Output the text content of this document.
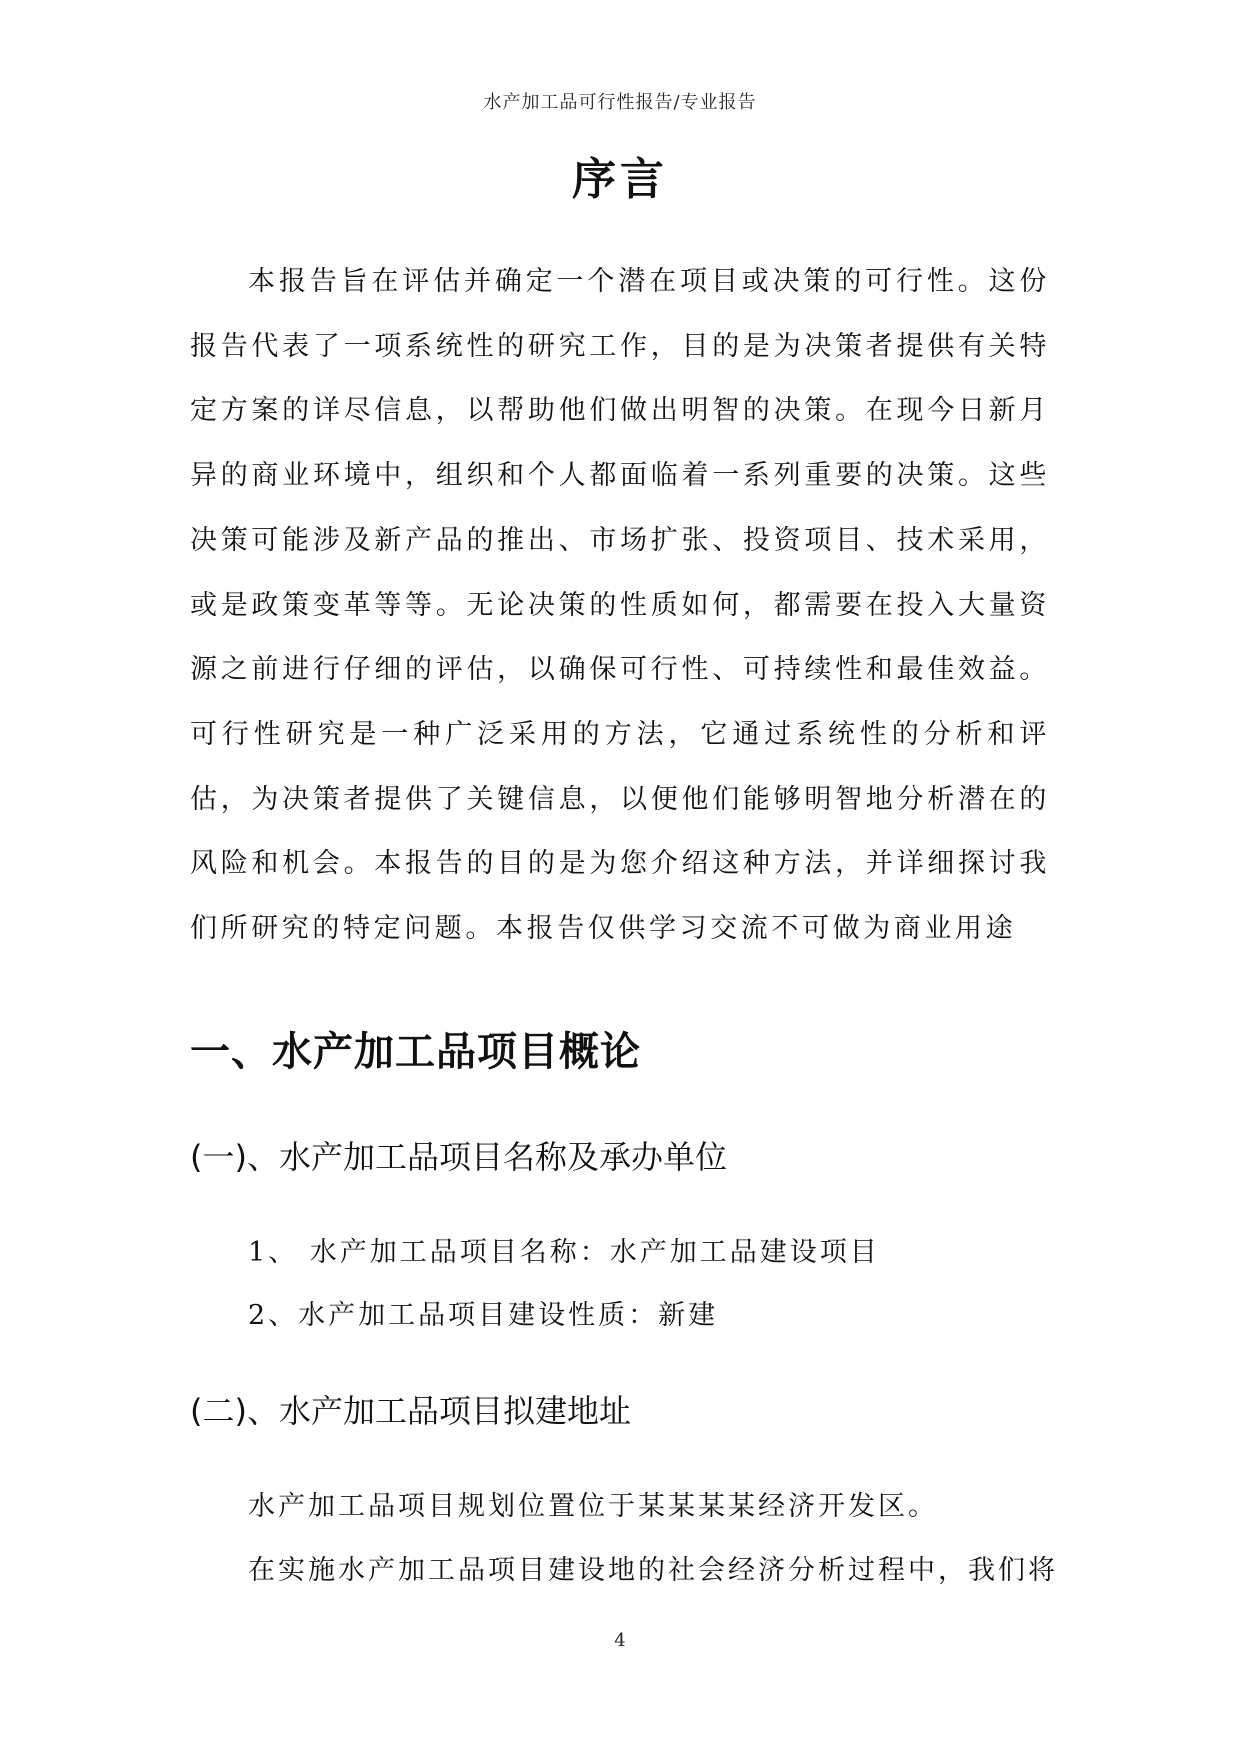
水产加工品可行性报告/专业报告
序言

本报告旨在评估并确定一个潜在项目或决策的可行性。这份报告代表了一项系统性的研究工作，目的是为决策者提供有关特定方案的详尽信息，以帮助他们做出明智的决策。在现今日新月异的商业环境中，组织和个人都面临着一系列重要的决策。这些决策可能涉及新产品的推出、市场扩张、投资项目、技术采用，或是政策变革等等。无论决策的性质如何，都需要在投入大量资源之前进行仔细的评估，以确保可行性、可持续性和最佳效益。可行性研究是一种广泛采用的方法，它通过系统性的分析和评估，为决策者提供了关键信息，以便他们能够明智地分析潜在的风险和机会。本报告的目的是为您介绍这种方法，并详细探讨我们所研究的特定问题。本报告仅供学习交流不可做为商业用途

一、水产加工品项目概论
(一)、水产加工品项目名称及承办单位

1、 水产加工品项目名称：水产加工品建设项目

2、水产加工品项目建设性质：新建

(二)、水产加工品项目拟建地址

水产加工品项目规划位置位于某某某某经济开发区。

在实施水产加工品项目建设地的社会经济分析过程中，我们将

4
